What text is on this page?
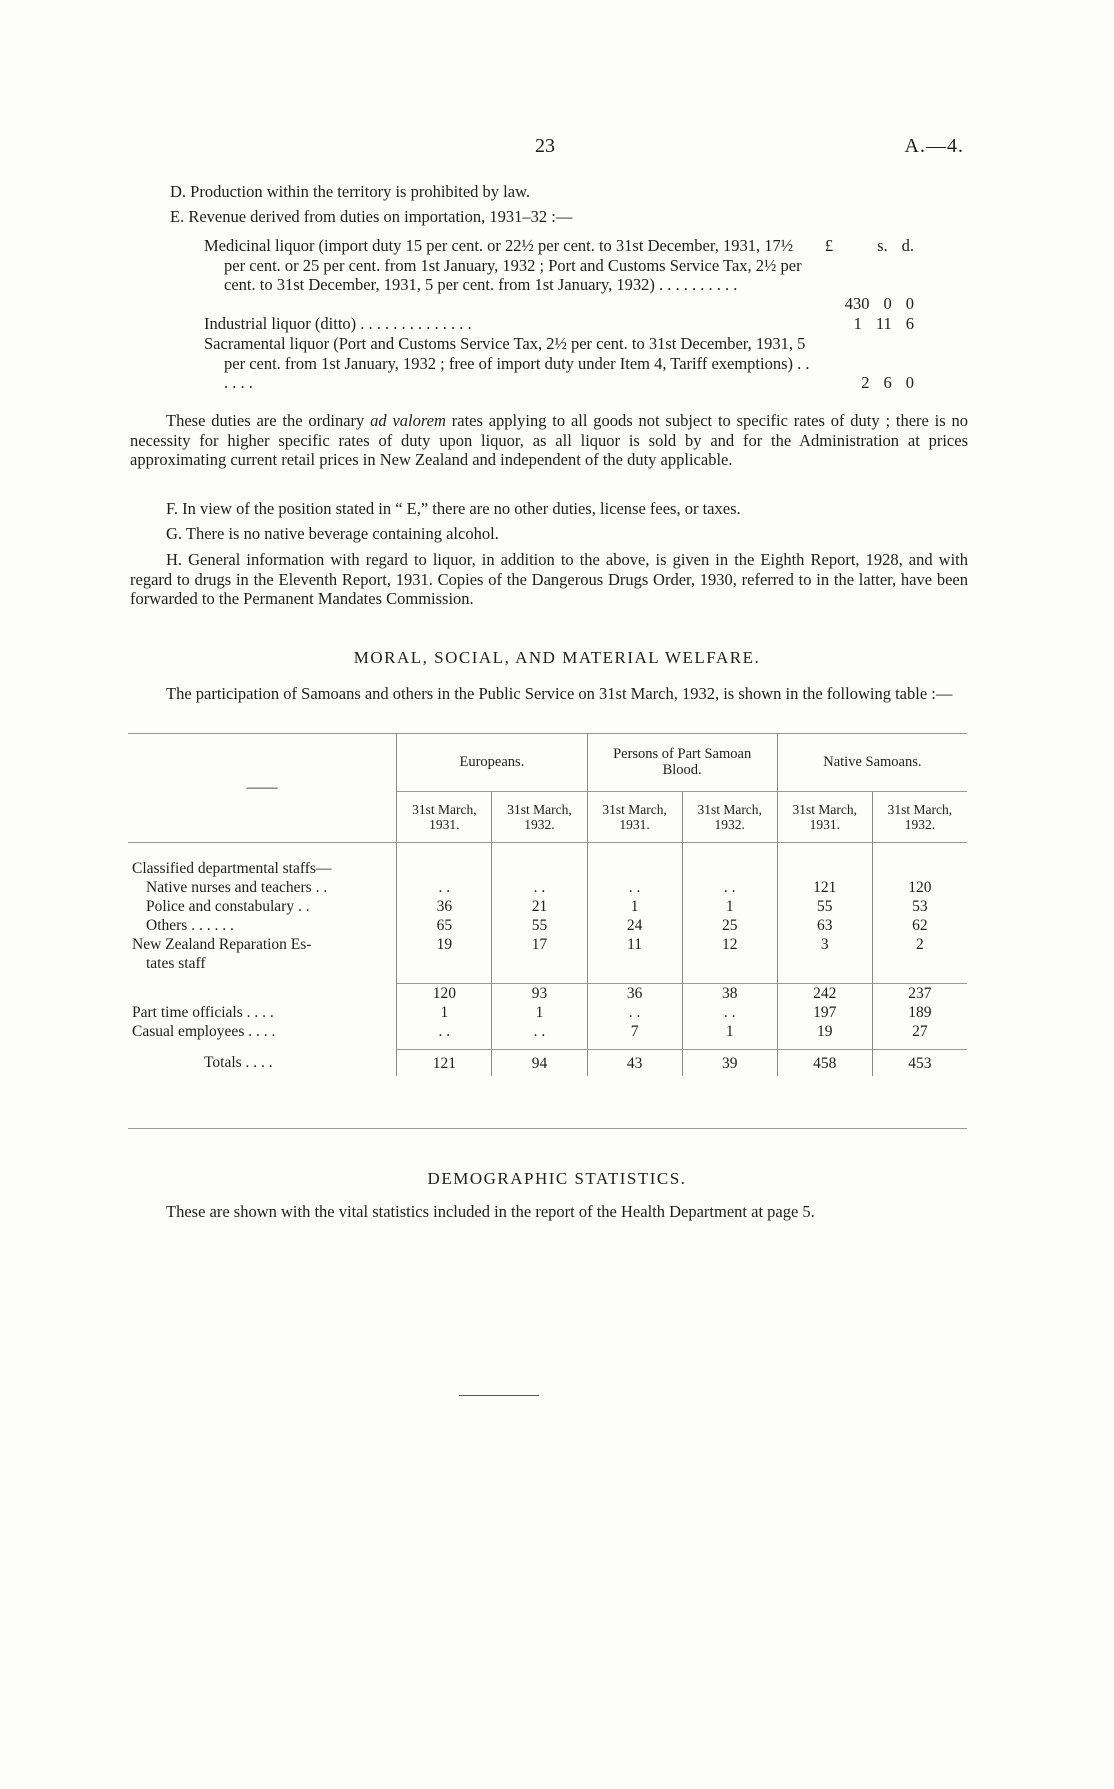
23	A.—4.
D. Production within the territory is prohibited by law.
E. Revenue derived from duties on importation, 1931–32 :—
£	s. d.
Medicinal liquor (import duty 15 per cent. or 22½ per cent. to 31st December, 1931, 17½ per cent. or 25 per cent. from 1st January, 1932 ; Port and Customs Service Tax, 2½ per cent. to 31st December, 1931, 5 per cent. from 1st January, 1932) . . . . . . . . . .
430 0 0
Industrial liquor (ditto) . . . . . . . . . . . . . .	1 11 6
Sacramental liquor (Port and Customs Service Tax, 2½ per cent. to 31st December, 1931, 5 per cent. from 1st January, 1932 ; free of import duty under Item 4, Tariff exemptions) . . . . . .	2 6 0
These duties are the ordinary ad valorem rates applying to all goods not subject to specific rates of duty ; there is no necessity for higher specific rates of duty upon liquor, as all liquor is sold by and for the Administration at prices approximating current retail prices in New Zealand and independent of the duty applicable.
F. In view of the position stated in “ E,” there are no other duties, license fees, or taxes.
G. There is no native beverage containing alcohol.
H. General information with regard to liquor, in addition to the above, is given in the Eighth Report, 1928, and with regard to drugs in the Eleventh Report, 1931. Copies of the Dangerous Drugs Order, 1930, referred to in the latter, have been forwarded to the Permanent Mandates Commission.
MORAL, SOCIAL, AND MATERIAL WELFARE.
The participation of Samoans and others in the Public Service on 31st March, 1932, is shown in the following table :—
——	Europeans.		Persons of Part Samoan Blood.		Native Samoans.	
	31st March, 1931.	31st March, 1932.	31st March, 1931.	31st March, 1932.	31st March, 1931.	31st March, 1932.

Classified departmental staffs—						
Native nurses and teachers . .	. .	. .	. .	. .	121	120
Police and constabulary . .	36	21	1	1	55	53
Others . . . . . .	65	55	24	25	63	62
New Zealand Reparation Es-	19	17	11	12	3	2
tates staff						

	120	93	36	38	242	237
Part time officials . . . .	1	1	. .	. .	197	189
Casual employees . . . .	. .	. .	7	1	19	27

Totals . . . .	121	94	43	39	458	453
DEMOGRAPHIC STATISTICS.
These are shown with the vital statistics included in the report of the Health Department at page 5.
